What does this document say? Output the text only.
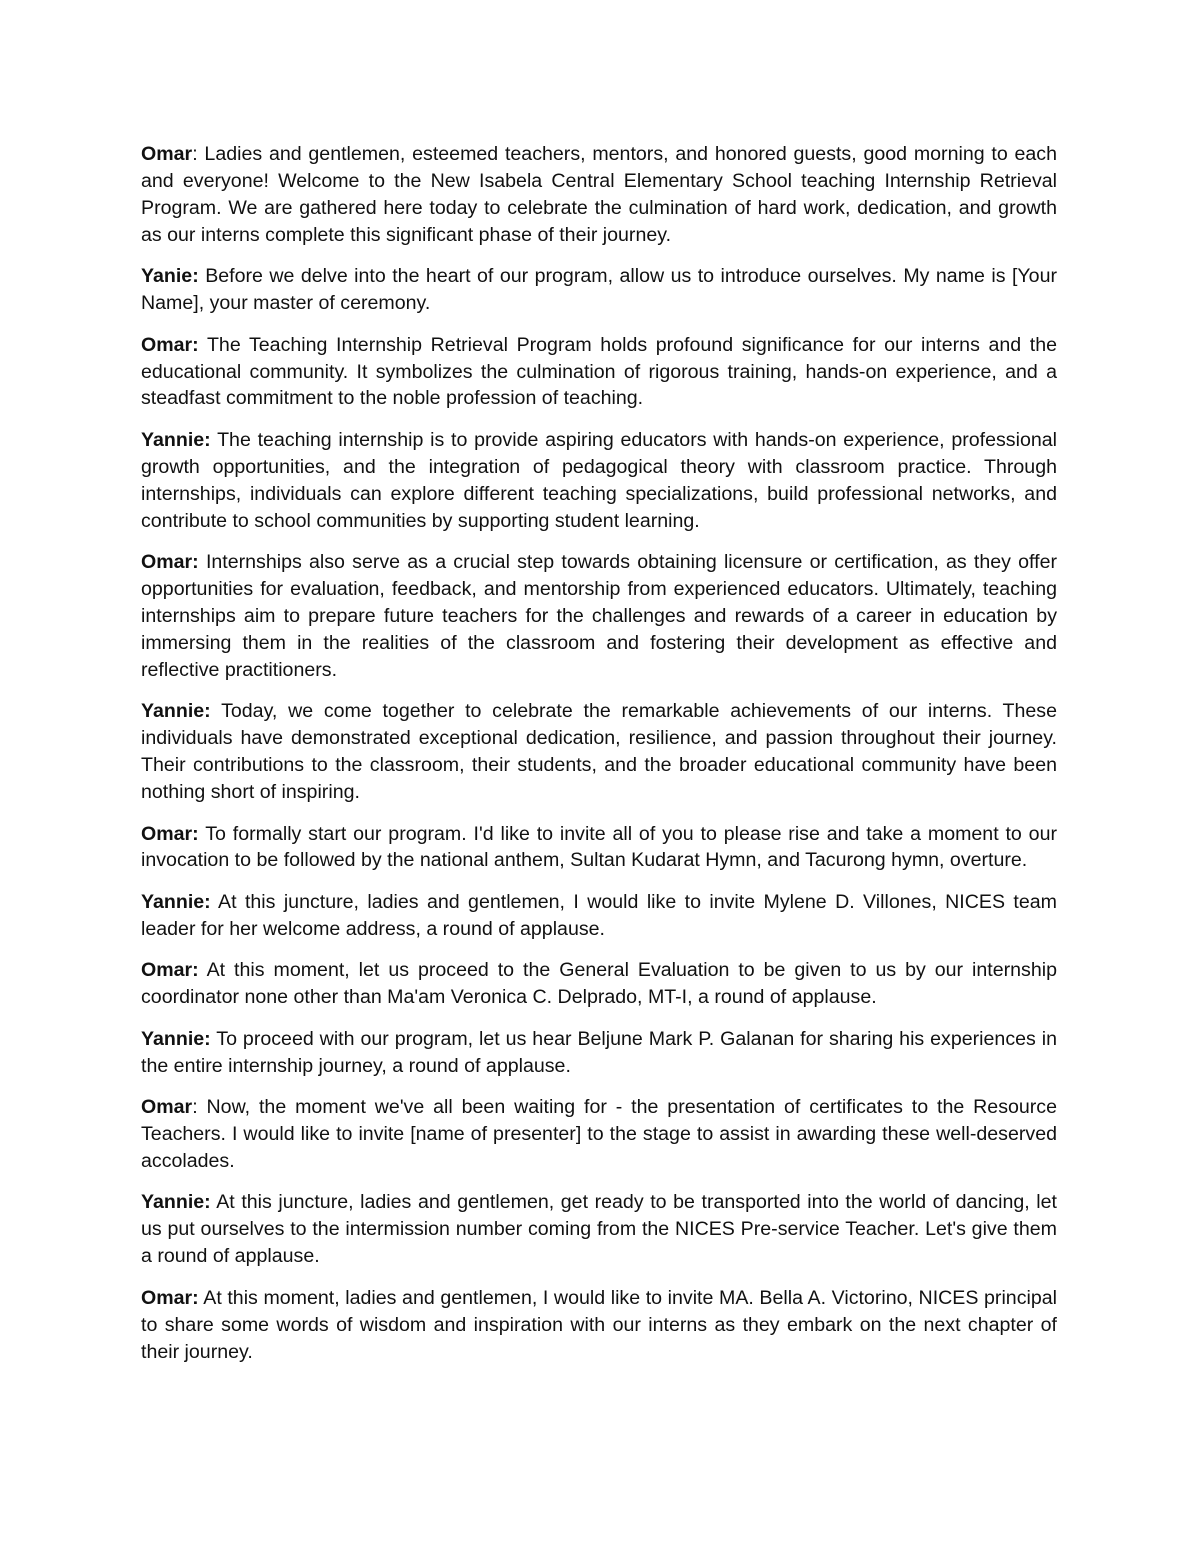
Omar: Ladies and gentlemen, esteemed teachers, mentors, and honored guests, good morning to each and everyone! Welcome to the New Isabela Central Elementary School teaching Internship Retrieval Program. We are gathered here today to celebrate the culmination of hard work, dedication, and growth as our interns complete this significant phase of their journey.

Yanie: Before we delve into the heart of our program, allow us to introduce ourselves. My name is [Your Name], your master of ceremony.

Omar: The Teaching Internship Retrieval Program holds profound significance for our interns and the educational community. It symbolizes the culmination of rigorous training, hands-on experience, and a steadfast commitment to the noble profession of teaching.

Yannie: The teaching internship is to provide aspiring educators with hands-on experience, professional growth opportunities, and the integration of pedagogical theory with classroom practice. Through internships, individuals can explore different teaching specializations, build professional networks, and contribute to school communities by supporting student learning.

Omar: Internships also serve as a crucial step towards obtaining licensure or certification, as they offer opportunities for evaluation, feedback, and mentorship from experienced educators. Ultimately, teaching internships aim to prepare future teachers for the challenges and rewards of a career in education by immersing them in the realities of the classroom and fostering their development as effective and reflective practitioners.

Yannie: Today, we come together to celebrate the remarkable achievements of our interns. These individuals have demonstrated exceptional dedication, resilience, and passion throughout their journey. Their contributions to the classroom, their students, and the broader educational community have been nothing short of inspiring.

Omar: To formally start our program. I'd like to invite all of you to please rise and take a moment to our invocation to be followed by the national anthem, Sultan Kudarat Hymn, and Tacurong hymn, overture.

Yannie: At this juncture, ladies and gentlemen, I would like to invite Mylene D. Villones, NICES team leader for her welcome address, a round of applause.

Omar: At this moment, let us proceed to the General Evaluation to be given to us by our internship coordinator none other than Ma'am Veronica C. Delprado, MT-I, a round of applause.

Yannie: To proceed with our program, let us hear Beljune Mark P. Galanan for sharing his experiences in the entire internship journey, a round of applause.

Omar: Now, the moment we've all been waiting for - the presentation of certificates to the Resource Teachers. I would like to invite [name of presenter] to the stage to assist in awarding these well-deserved accolades.

Yannie: At this juncture, ladies and gentlemen, get ready to be transported into the world of dancing, let us put ourselves to the intermission number coming from the NICES Pre-service Teacher. Let's give them a round of applause.

Omar: At this moment, ladies and gentlemen, I would like to invite MA. Bella A. Victorino, NICES principal to share some words of wisdom and inspiration with our interns as they embark on the next chapter of their journey.
